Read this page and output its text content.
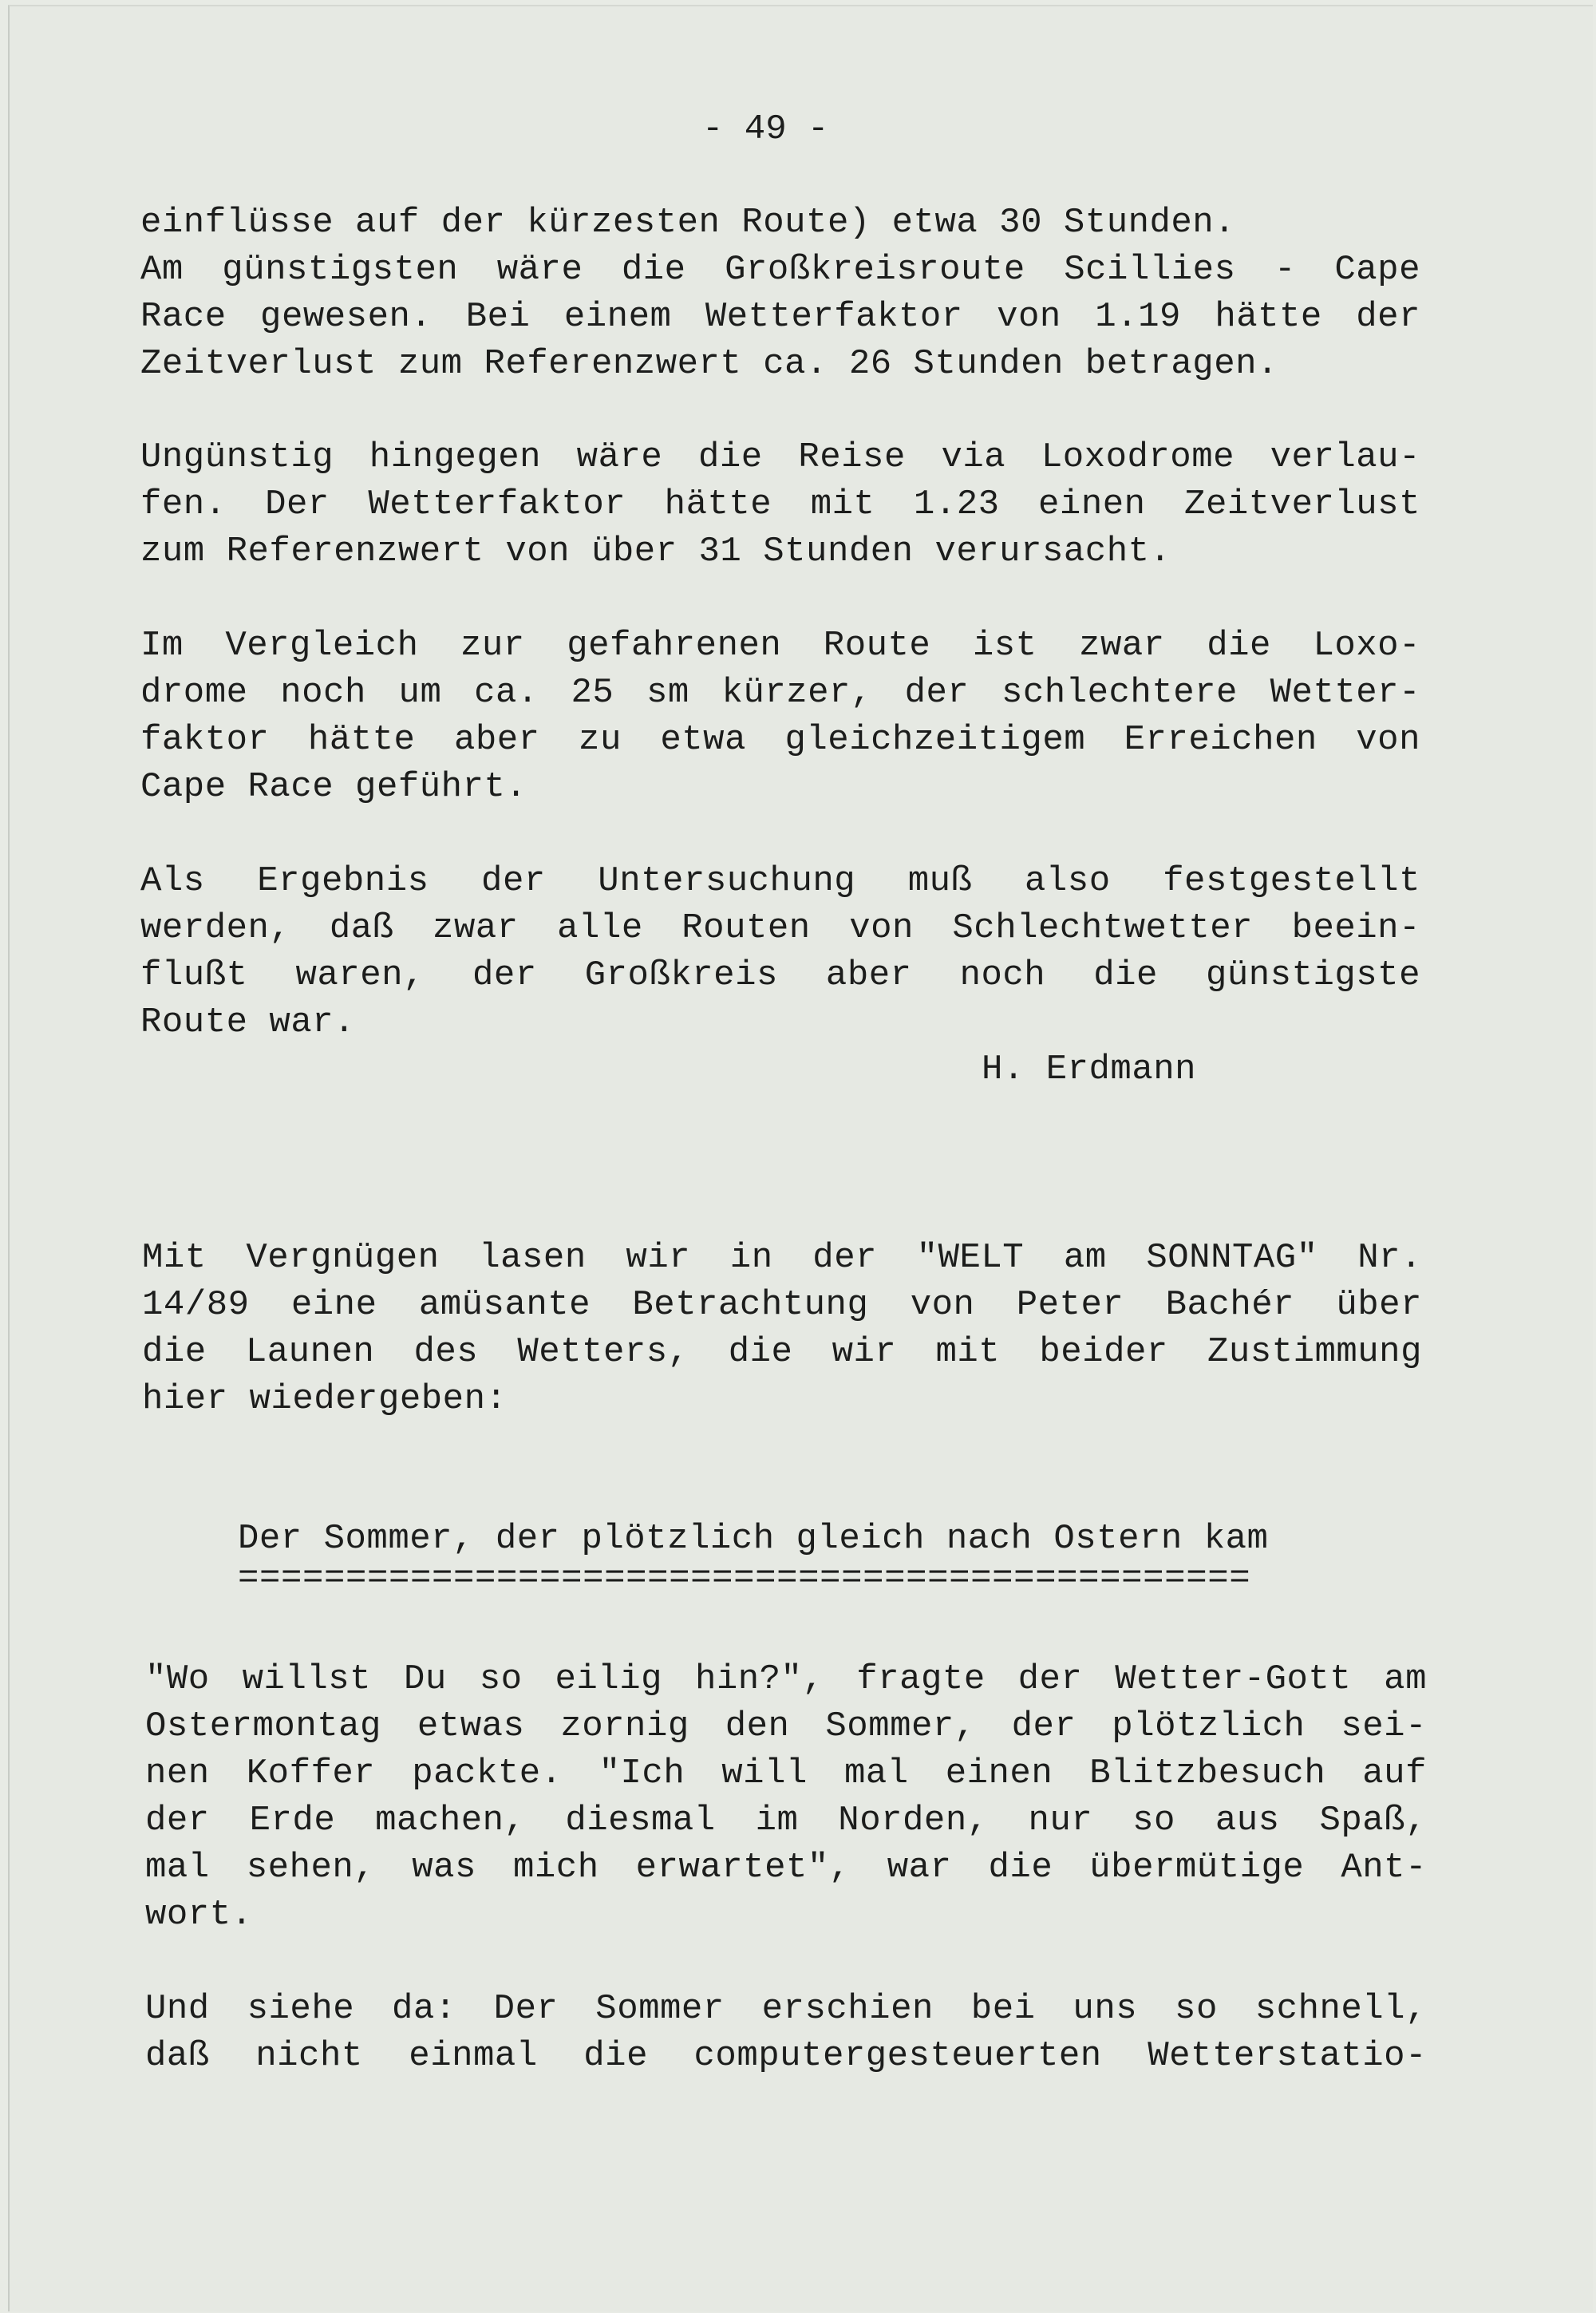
- 49 -
einflüsse auf der kürzesten Route) etwa 30 Stunden.
Am günstigsten wäre die Großkreisroute Scillies - Cape
Race gewesen. Bei einem Wetterfaktor von 1.19 hätte der
Zeitverlust zum Referenzwert ca. 26 Stunden betragen.
Ungünstig hingegen wäre die Reise via Loxodrome verlau-
fen. Der Wetterfaktor hätte mit 1.23 einen Zeitverlust
zum Referenzwert von über 31 Stunden verursacht.
Im Vergleich zur gefahrenen Route ist zwar die Loxo-
drome noch um ca. 25 sm kürzer, der schlechtere Wetter-
faktor hätte aber zu etwa gleichzeitigem Erreichen von
Cape Race geführt.
Als Ergebnis der Untersuchung muß also festgestellt
werden, daß zwar alle Routen von Schlechtwetter beein-
flußt waren, der Großkreis aber noch die günstigste
Route war.
H. Erdmann
Mit Vergnügen lasen wir in der "WELT am SONNTAG" Nr.
14/89 eine amüsante Betrachtung von Peter Bachér über
die Launen des Wetters, die wir mit beider Zustimmung
hier wiedergeben:
Der Sommer, der plötzlich gleich nach Ostern kam
===============================================
"Wo willst Du so eilig hin?", fragte der Wetter-Gott am
Ostermontag etwas zornig den Sommer, der plötzlich sei-
nen Koffer packte. "Ich will mal einen Blitzbesuch auf
der Erde machen, diesmal im Norden, nur so aus Spaß,
mal sehen, was mich erwartet", war die übermütige Ant-
wort.
Und siehe da: Der Sommer erschien bei uns so schnell,
daß nicht einmal die computergesteuerten Wetterstatio-
